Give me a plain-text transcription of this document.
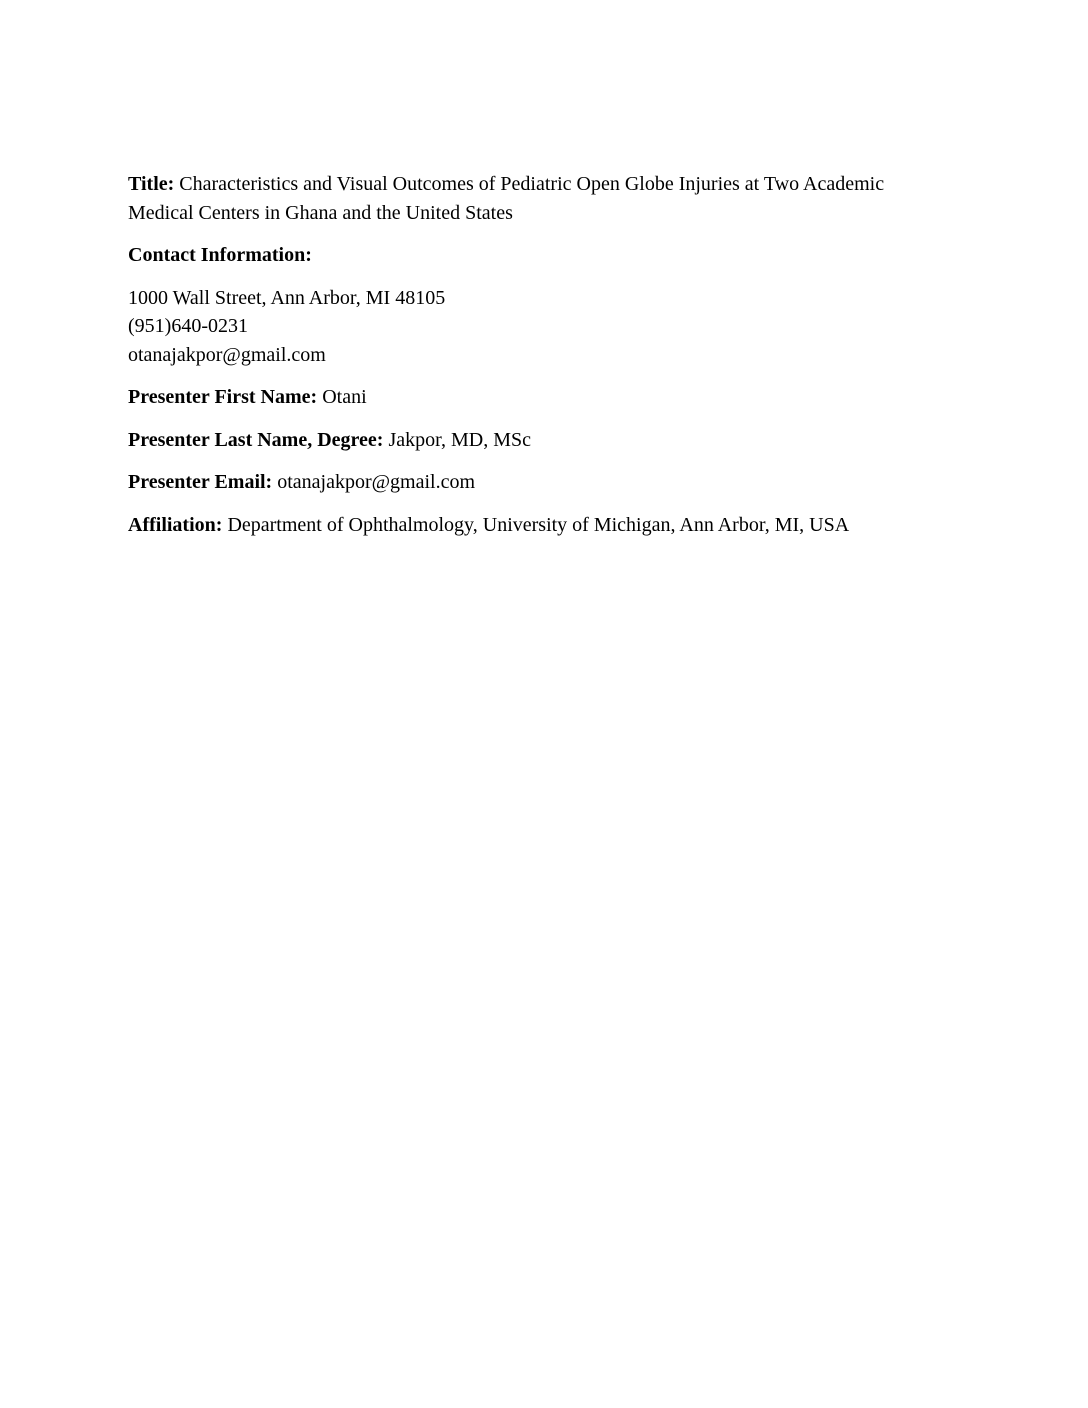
Title: Characteristics and Visual Outcomes of Pediatric Open Globe Injuries at Two Academic Medical Centers in Ghana and the United States

Contact Information:

1000 Wall Street, Ann Arbor, MI 48105
(951)640-0231
otanajakpor@gmail.com

Presenter First Name: Otani

Presenter Last Name, Degree: Jakpor, MD, MSc

Presenter Email: otanajakpor@gmail.com

Affiliation: Department of Ophthalmology, University of Michigan, Ann Arbor, MI, USA
